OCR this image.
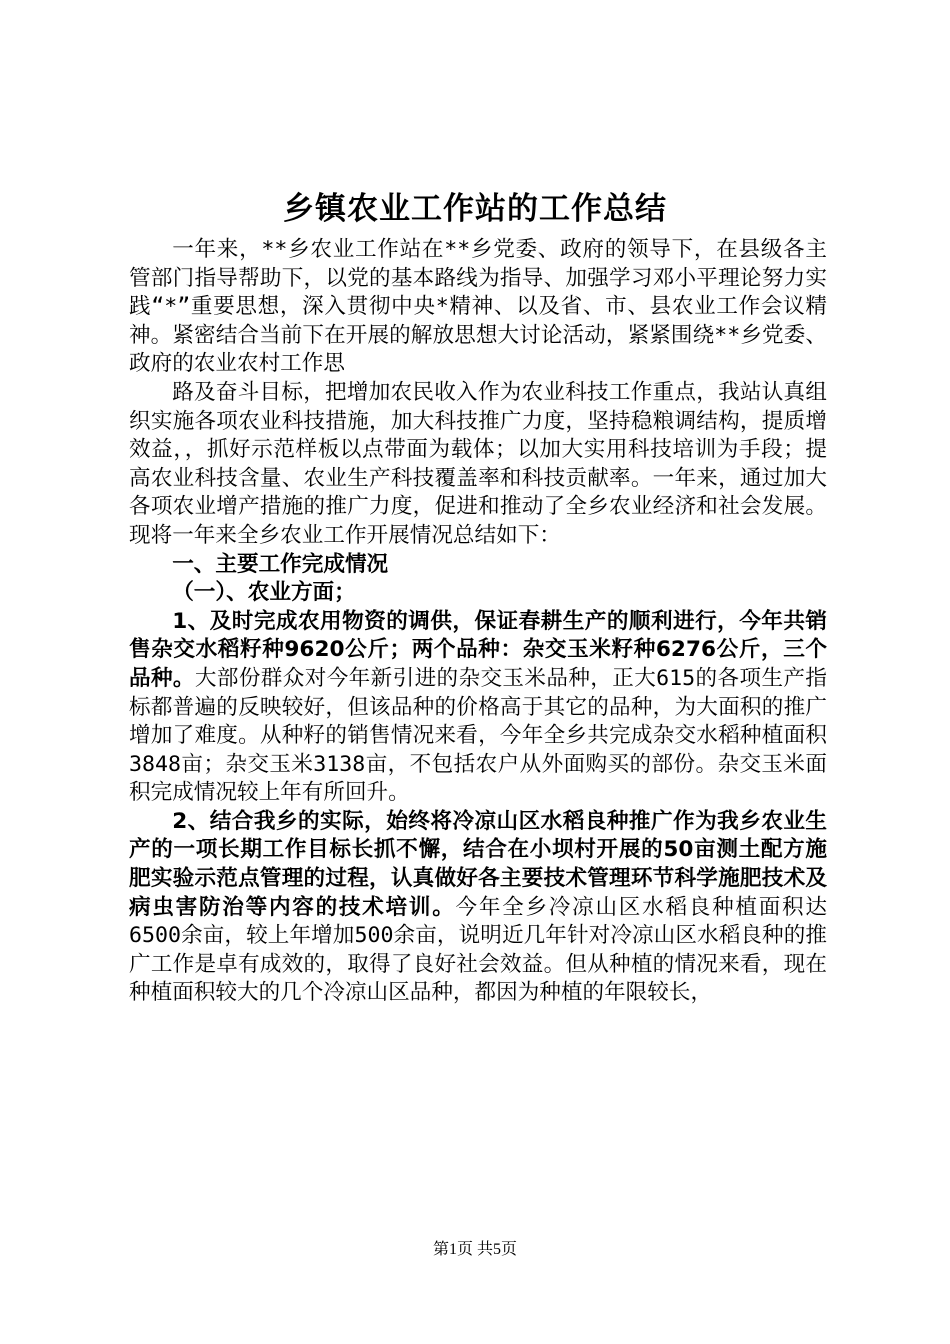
乡镇农业工作站的工作总结

一年来，**乡农业工作站在**乡党委、政府的领导下，在县级各主管部门指导帮助下，以党的基本路线为指导、加强学习邓小平理论努力实践“*”重要思想，深入贯彻中央*精神、以及省、市、县农业工作会议精神。紧密结合当前下在开展的解放思想大讨论活动，紧紧围绕**乡党委、政府的农业农村工作思

路及奋斗目标，把增加农民收入作为农业科技工作重点，我站认真组织实施各项农业科技措施，加大科技推广力度，坚持稳粮调结构，提质增效益，，抓好示范样板以点带面为载体；以加大实用科技培训为手段；提高农业科技含量、农业生产科技覆盖率和科技贡献率。一年来，通过加大各项农业增产措施的推广力度，促进和推动了全乡农业经济和社会发展。现将一年来全乡农业工作开展情况总结如下：

一、主要工作完成情况

（一）、农业方面；

1、及时完成农用物资的调供，保证春耕生产的顺利进行，今年共销售杂交水稻籽种9620公斤；两个品种：杂交玉米籽种6276公斤，三个品种。大部份群众对今年新引进的杂交玉米品种，正大615的各项生产指标都普遍的反映较好，但该品种的价格高于其它的品种，为大面积的推广增加了难度。从种籽的销售情况来看，今年全乡共完成杂交水稻种植面积3848亩；杂交玉米3138亩，不包括农户从外面购买的部份。杂交玉米面积完成情况较上年有所回升。

2、结合我乡的实际，始终将冷凉山区水稻良种推广作为我乡农业生产的一项长期工作目标长抓不懈，结合在小坝村开展的50亩测土配方施肥实验示范点管理的过程，认真做好各主要技术管理环节科学施肥技术及病虫害防治等内容的技术培训。今年全乡冷凉山区水稻良种植面积达6500余亩，较上年增加500余亩，说明近几年针对冷凉山区水稻良种的推广工作是卓有成效的，取得了良好社会效益。但从种植的情况来看，现在种植面积较大的几个冷凉山区品种，都因为种植的年限较长，

第1页 共5页
